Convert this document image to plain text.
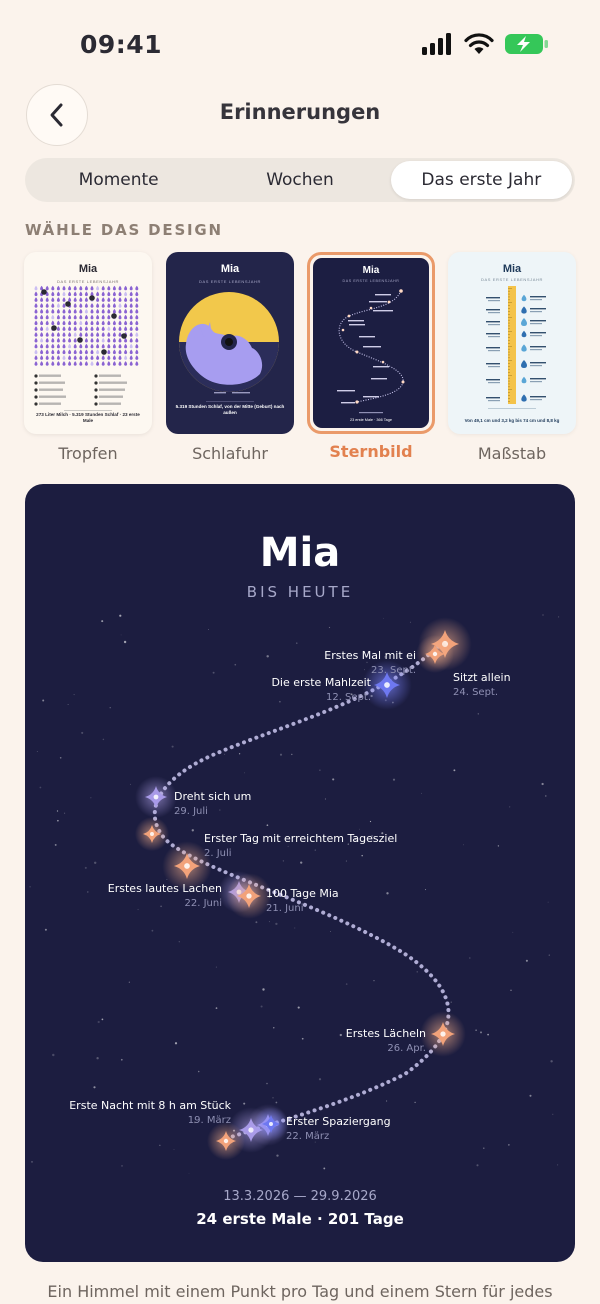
09:41
Erinnerungen
Momente	Wochen	Das erste Jahr
WÄHLE DAS DESIGN
Mia
DAS ERSTE LEBENSJAHR
273 Liter Milch · 5.319 Stunden Schlaf · 23 erste Male
Tropfen
Mia
DAS ERSTE LEBENSJAHR
5.319 Stunden Schlaf, von der Mitte (Geburt) nach außen
Schlafuhr
Mia
DAS ERSTE LEBENSJAHR
23 erste Male · 366 Tage
Sternbild
Mia
DAS ERSTE LEBENSJAHR
Von 49,1 cm und 3,2 kg bis 74 cm und 8,8 kg
Maßstab
Mia
BIS HEUTE
Erstes Mal mit ei
23. Sept.
Die erste Mahlzeit
12. Sept.
Sitzt allein
24. Sept.
Dreht sich um
29. Juli
Erster Tag mit erreichtem Tagesziel
2. Juli
Erstes lautes Lachen
22. Juni
100 Tage Mia
21. Juni
Erstes Lächeln
26. Apr.
Erste Nacht mit 8 h am Stück
19. März	Erster Spaziergang
22. März
13.3.2026 — 29.9.2026
24 erste Male · 201 Tage
Ein Himmel mit einem Punkt pro Tag und einem Stern für jedes
